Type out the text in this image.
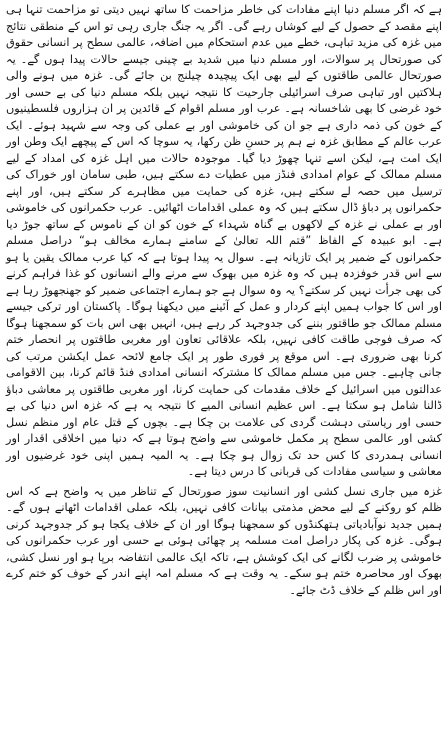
ہے کہ اگر مسلم دنیا اپنے مفادات کی خاطر مزاحمت کا ساتھ نہیں دیتی تو مزاحمت تنہا ہی اپنے مقصد کے حصول کے لیے کوشاں رہے گی۔ اگر یہ جنگ جاری رہی تو اس کے منطقی نتائج میں غزہ کی مزید تباہی، خطے میں عدم استحکام میں اضافہ، عالمی سطح پر انسانی حقوق کی صورتحال پر سوالات، اور مسلم دنیا میں شدید بے چینی جیسے حالات پیدا ہوں گے۔ یہ صورتحال عالمی طاقتوں کے لیے بھی ایک پیچیدہ چیلنج بن جائے گی۔ غزہ میں ہونے والی ہلاکتیں اور تباہی صرف اسرائیلی جارحیت کا نتیجہ نہیں بلکہ مسلم دنیا کی بے حسی اور خود غرضی کا بھی شاخسانہ ہے۔ عرب اور مسلم اقوام کے قائدین پر ان ہزاروں فلسطینیوں کے خون کی ذمہ داری ہے جو ان کی خاموشی اور بے عملی کی وجہ سے شہید ہوئے۔ ایک عرب عالم کے مطابق غزہ نے ہم پر حسنِ ظن رکھا، یہ سوچا کہ اس کے پیچھے ایک وطن اور ایک امت ہے، لیکن اسے تنہا چھوڑ دیا گیا۔ موجودہ حالات میں اہل غزہ کی امداد کے لیے مسلم ممالک کے عوام امدادی فنڈز میں عطیات دے سکتے ہیں، طبی سامان اور خوراک کی ترسیل میں حصہ لے سکتے ہیں، غزہ کی حمایت میں مظاہرے کر سکتے ہیں، اور اپنے حکمرانوں پر دباؤ ڈال سکتے ہیں کہ وہ عملی اقدامات اٹھائیں۔ عرب حکمرانوں کی خاموشی اور بے عملی نے غزہ کے لاکھوں بے گناہ شہداء کے خون کو ان کے ناموس کے ساتھ جوڑ دیا ہے۔ ابو عبیدہ کے الفاظ ”قتم اللہ تعالیٰ کے سامنے ہمارے مخالف ہو“ دراصل مسلم حکمرانوں کے ضمیر پر ایک تازیانہ ہے۔ سوال یہ پیدا ہوتا ہے کہ کیا عرب ممالک یقین یا ہو سے اس قدر خوفزدہ ہیں کہ وہ غزہ میں بھوک سے مرنے والے انسانوں کو غذا فراہم کرنے کی بھی جرأت نہیں کر سکتے؟ یہ وہ سوال ہے جو ہمارے اجتماعی ضمیر کو جھنجھوڑ رہا ہے اور اس کا جواب ہمیں اپنے کردار و عمل کے آئینے میں دیکھنا ہوگا۔ پاکستان اور ترکی جیسے مسلم ممالک جو طاقتور بننے کی جدوجہد کر رہے ہیں، انہیں بھی اس بات کو سمجھنا ہوگا کہ صرف فوجی طاقت کافی نہیں، بلکہ علاقائی تعاون اور مغربی طاقتوں پر انحصار ختم کرنا بھی ضروری ہے۔ اس موقع پر فوری طور پر ایک جامع لائحہ عمل ایکشن مرتب کی جانی چاہیے۔ جس میں مسلم ممالک کا مشترکہ انسانی امدادی فنڈ قائم کرنا، بین الاقوامی عدالتوں میں اسرائیل کے خلاف مقدمات کی حمایت کرنا، اور مغربی طاقتوں پر معاشی دباؤ ڈالنا شامل ہو سکتا ہے۔ اس عظیم انسانی المیے کا نتیجہ یہ ہے کہ غزہ اس دنیا کی بے حسی اور ریاستی دہشت گردی کی علامت بن چکا ہے۔ بچوں کے قتل عام اور منظم نسل کشی اور عالمی سطح پر مکمل خاموشی سے واضح ہوتا ہے کہ دنیا میں اخلاقی اقدار اور انسانی ہمدردی کا کس حد تک زوال ہو چکا ہے۔ یہ المیہ ہمیں اپنی خود غرضیوں اور معاشی و سیاسی مفادات کی قربانی کا درس دیتا ہے۔

غزہ میں جاری نسل کشی اور انسانیت سوز صورتحال کے تناظر میں یہ واضح ہے کہ اس ظلم کو روکنے کے لیے محض مذمتی بیانات کافی نہیں، بلکہ عملی اقدامات اٹھانے ہوں گے۔ ہمیں جدید نوآبادیاتی ہتھکنڈوں کو سمجھنا ہوگا اور ان کے خلاف یکجا ہو کر جدوجہد کرنی ہوگی۔ غزہ کی پکار دراصل امت مسلمہ پر چھائی ہوئی بے حسی اور عرب حکمرانوں کی خاموشی پر ضرب لگانے کی ایک کوشش ہے، تاکہ ایک عالمی انتفاضہ برپا ہو اور نسل کشی، بھوک اور محاصرہ ختم ہو سکے۔ یہ وقت ہے کہ مسلم امہ اپنے اندر کے خوف کو ختم کرے اور اس ظلم کے خلاف ڈٹ جائے۔
